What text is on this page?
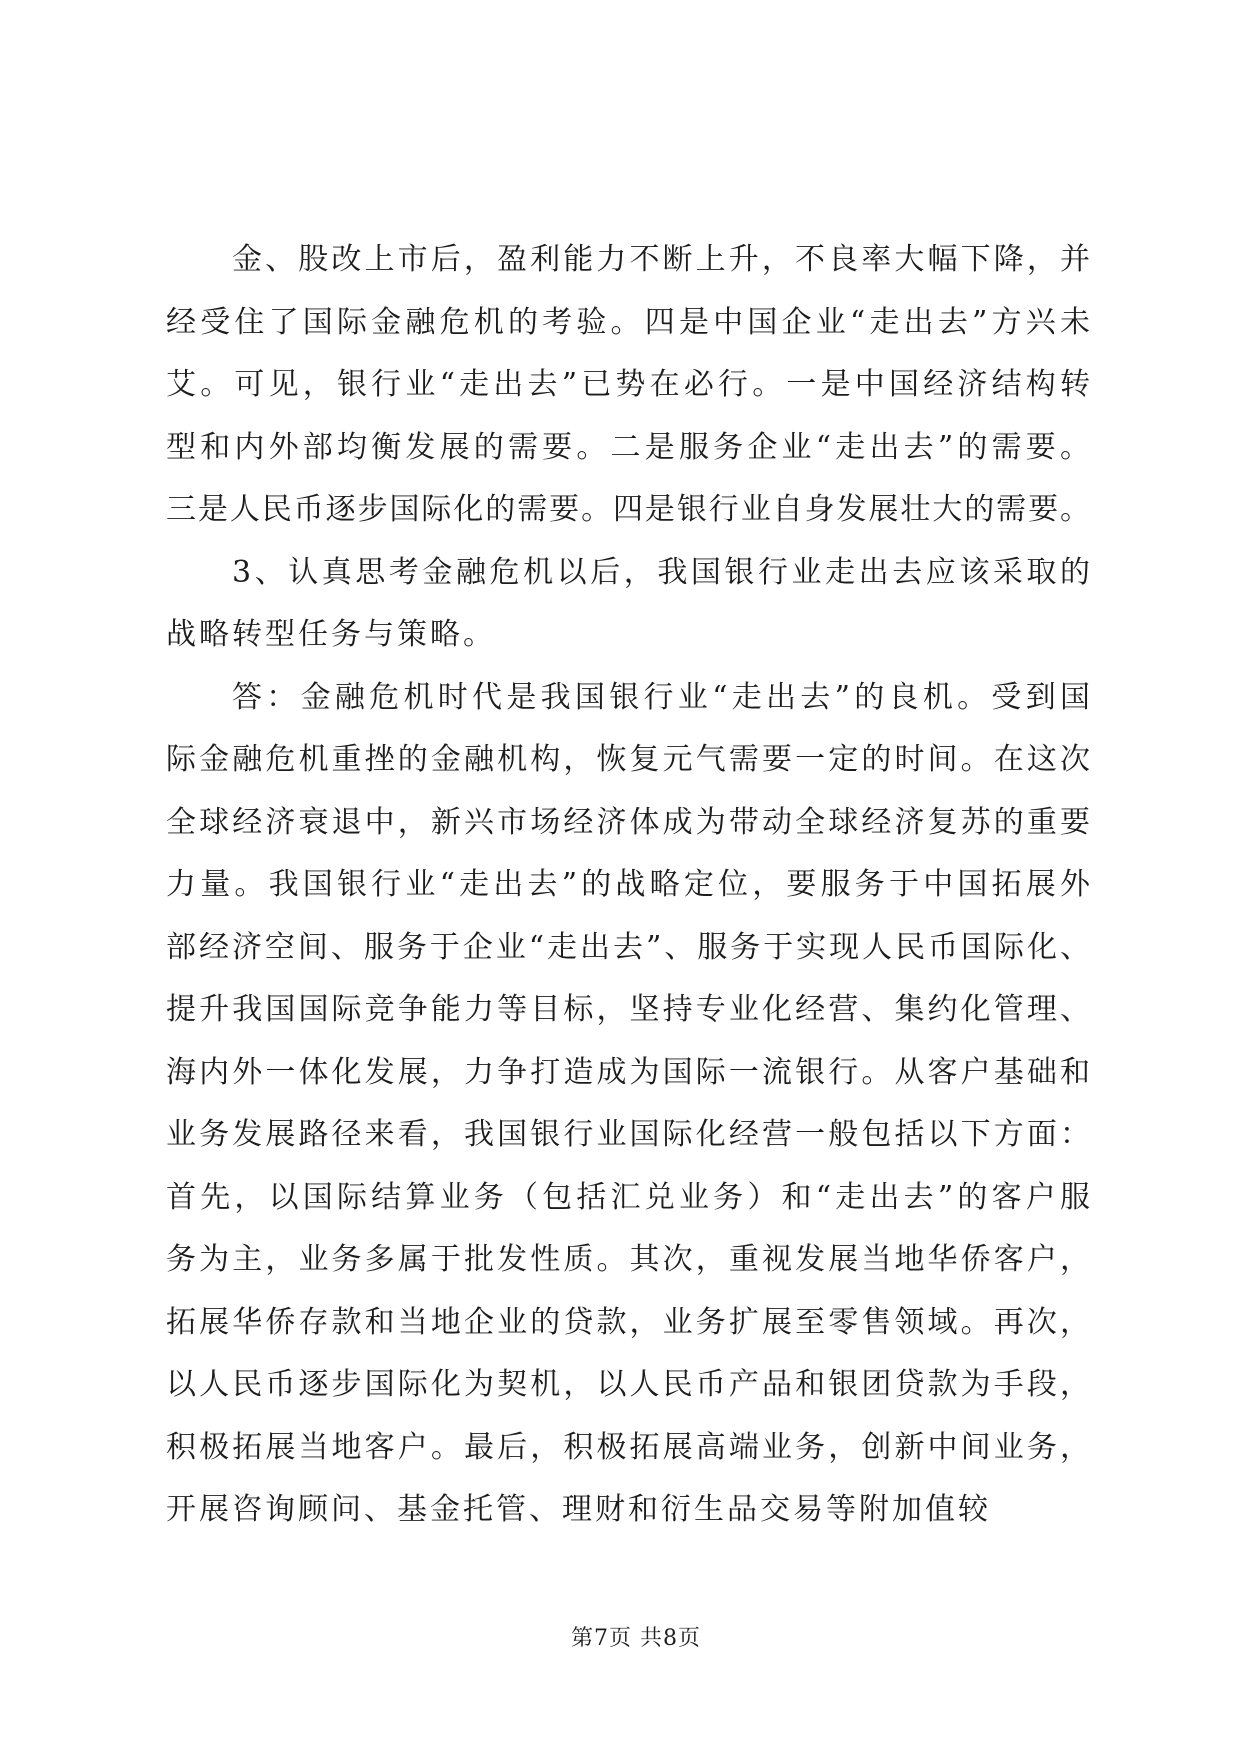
金、股改上市后，盈利能力不断上升，不良率大幅下降，并
经受住了国际金融危机的考验。四是中国企业“走出去”方兴未
艾。可见，银行业“走出去”已势在必行。一是中国经济结构转
型和内外部均衡发展的需要。二是服务企业“走出去”的需要。
三是人民币逐步国际化的需要。四是银行业自身发展壮大的需要。
3、认真思考金融危机以后，我国银行业走出去应该采取的
战略转型任务与策略。
答：金融危机时代是我国银行业“走出去”的良机。受到国
际金融危机重挫的金融机构，恢复元气需要一定的时间。在这次
全球经济衰退中，新兴市场经济体成为带动全球经济复苏的重要
力量。我国银行业“走出去”的战略定位，要服务于中国拓展外
部经济空间、服务于企业“走出去”、服务于实现人民币国际化、
提升我国国际竞争能力等目标，坚持专业化经营、集约化管理、
海内外一体化发展，力争打造成为国际一流银行。从客户基础和
业务发展路径来看，我国银行业国际化经营一般包括以下方面：
首先，以国际结算业务（包括汇兑业务）和“走出去”的客户服
务为主，业务多属于批发性质。其次，重视发展当地华侨客户，
拓展华侨存款和当地企业的贷款，业务扩展至零售领域。再次，
以人民币逐步国际化为契机，以人民币产品和银团贷款为手段，
积极拓展当地客户。最后，积极拓展高端业务，创新中间业务，
开展咨询顾问、基金托管、理财和衍生品交易等附加值较
第7页 共8页
